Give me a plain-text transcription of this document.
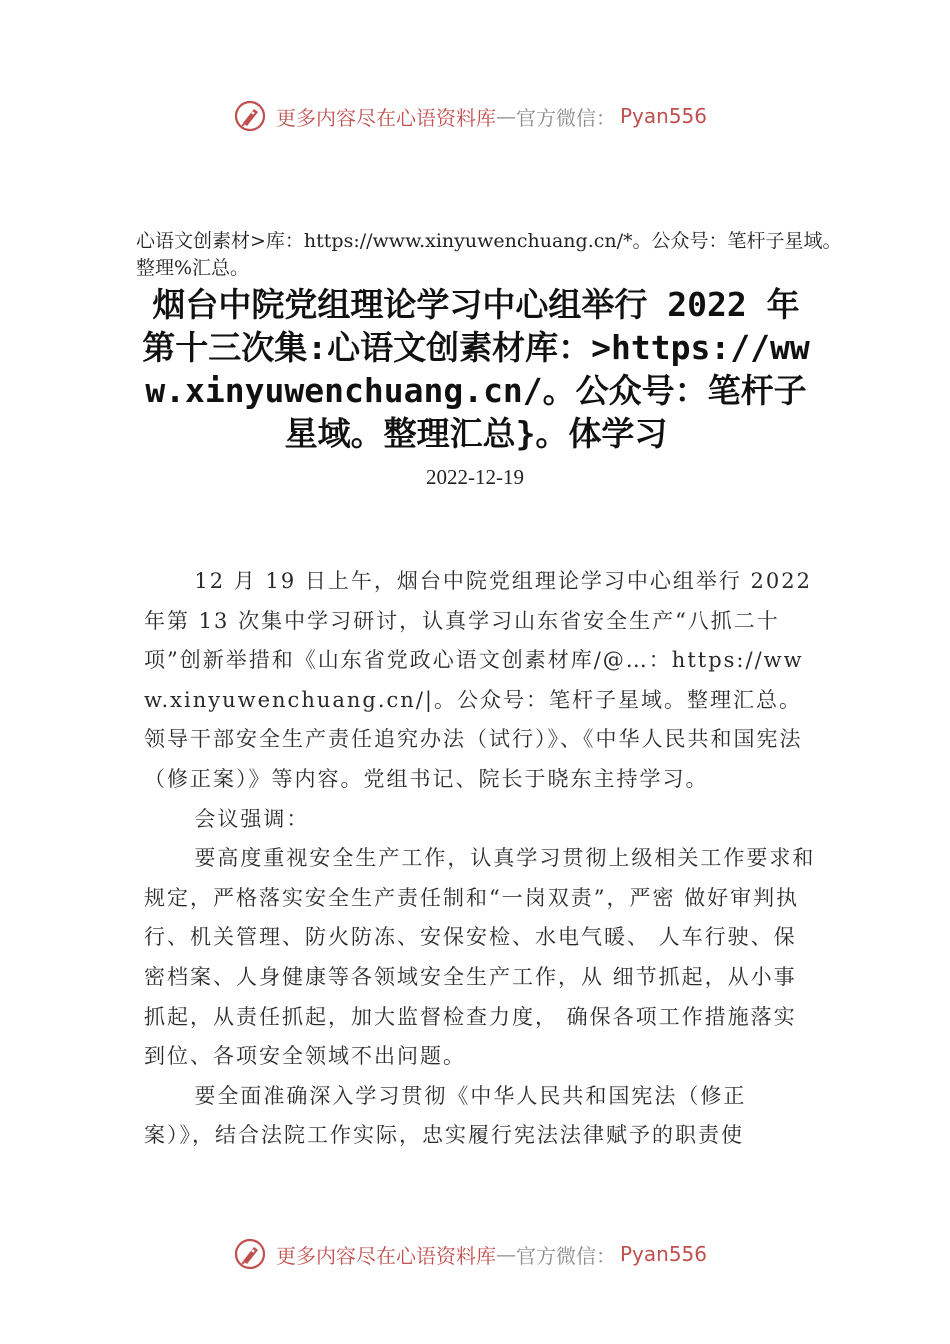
更多内容尽在心语资料库 — 官方微信： Pyan556
心语文创素材>库：https://www.xinyuwenchuang.cn/*。公众号：笔杆子星域。整理%汇总。
烟台中院党组理论学习中心组举行 2022 年第十三次集:心语文创素材库：>https://www.xinyuwenchuang.cn/。公众号：笔杆子星域。整理汇总}。体学习
2022-12-19

12 月 19 日上午，烟台中院党组理论学习中心组举行 2022 年第 13 次集中学习研讨，认真学习山东省安全生产“八抓二十项”创新举措和《山东省党政心语文创素材库/@…：https://www.xinyuwenchuang.cn/|。公众号：笔杆子星域。整理汇总。领导干部安全生产责任追究办法（试行）》、《中华人民共和国宪法（修正案）》等内容。党组书记、院长于晓东主持学习。

会议强调：

要高度重视安全生产工作，认真学习贯彻上级相关工作要求和规定，严格落实安全生产责任制和“一岗双责”，严密 做好审判执行、机关管理、防火防冻、安保安检、水电气暖、 人车行驶、保密档案、人身健康等各领域安全生产工作，从 细节抓起，从小事抓起，从责任抓起，加大监督检查力度， 确保各项工作措施落实到位、各项安全领域不出问题。

要全面准确深入学习贯彻《中华人民共和国宪法（修正案）》，结合法院工作实际，忠实履行宪法法律赋予的职责使

更多内容尽在心语资料库 — 官方微信： Pyan556
